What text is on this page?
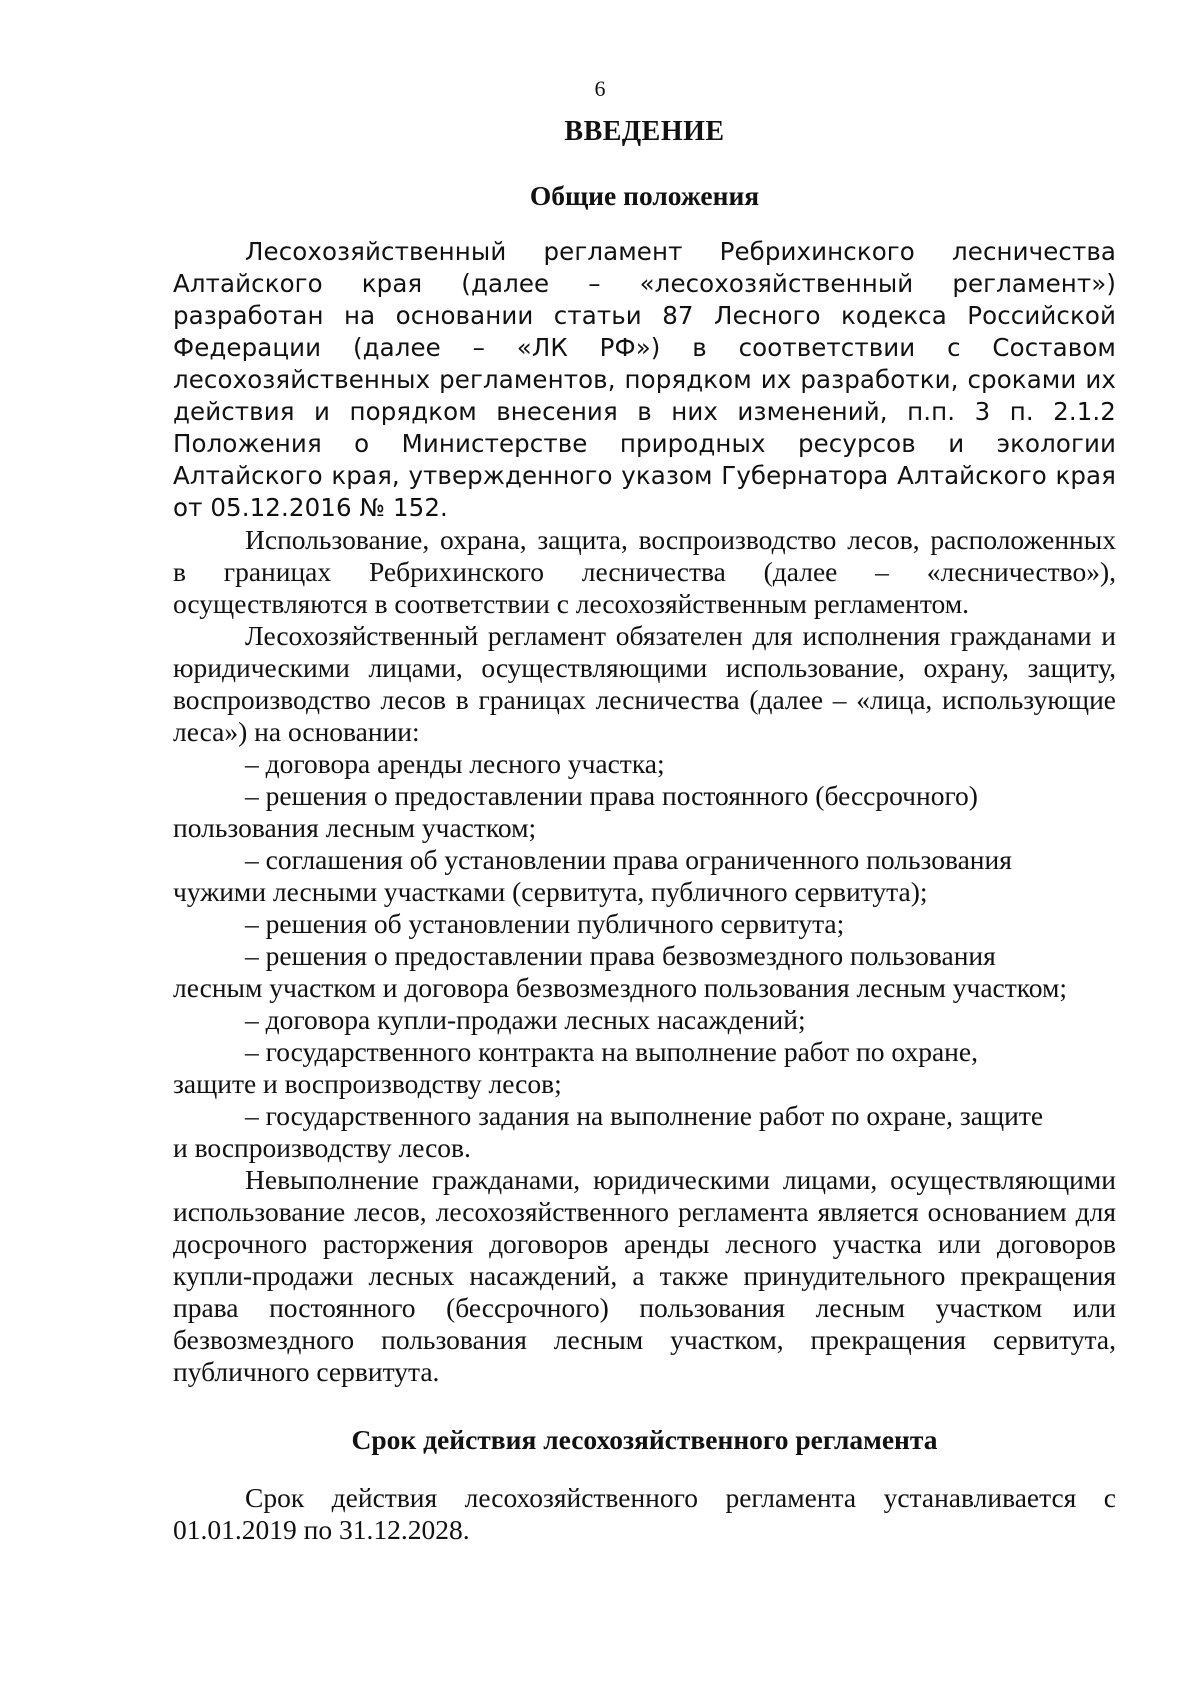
6
ВВЕДЕНИЕ
Общие положения

Лесохозяйственный регламент Ребрихинского лесничества Алтайского края (далее – «лесохозяйственный регламент») разработан на основании статьи 87 Лесного кодекса Российской Федерации (далее – «ЛК РФ») в соответствии с Составом лесохозяйственных регламентов, порядком их разработки, сроками их действия и порядком внесения в них изменений, п.п. 3 п. 2.1.2 Положения о Министерстве природных ресурсов и экологии Алтайского края, утвержденного указом Губернатора Алтайского края от 05.12.2016 № 152.

Использование, охрана, защита, воспроизводство лесов, расположенных в границах Ребрихинского лесничества (далее – «лесничество»), осуществляются в соответствии с лесохозяйственным регламентом.

Лесохозяйственный регламент обязателен для исполнения гражданами и юридическими лицами, осуществляющими использование, охрану, защиту, воспроизводство лесов в границах лесничества (далее – «лица, использующие леса») на основании:

– договора аренды лесного участка;

– решения о предоставлении права постоянного (бессрочного)
пользования лесным участком;

– соглашения об установлении права ограниченного пользования
чужими лесными участками (сервитута, публичного сервитута);

– решения об установлении публичного сервитута;

– решения о предоставлении права безвозмездного пользования
лесным участком и договора безвозмездного пользования лесным участком;

– договора купли-продажи лесных насаждений;

– государственного контракта на выполнение работ по охране,
защите и воспроизводству лесов;

– государственного задания на выполнение работ по охране, защите
и воспроизводству лесов.

Невыполнение гражданами, юридическими лицами, осуществляющими использование лесов, лесохозяйственного регламента является основанием для досрочного расторжения договоров аренды лесного участка или договоров купли-продажи лесных насаждений, а также принудительного прекращения права постоянного (бессрочного) пользования лесным участком или безвозмездного пользования лесным участком, прекращения сервитута, публичного сервитута.

Срок действия лесохозяйственного регламента

Срок действия лесохозяйственного регламента устанавливается с 01.01.2019 по 31.12.2028.
